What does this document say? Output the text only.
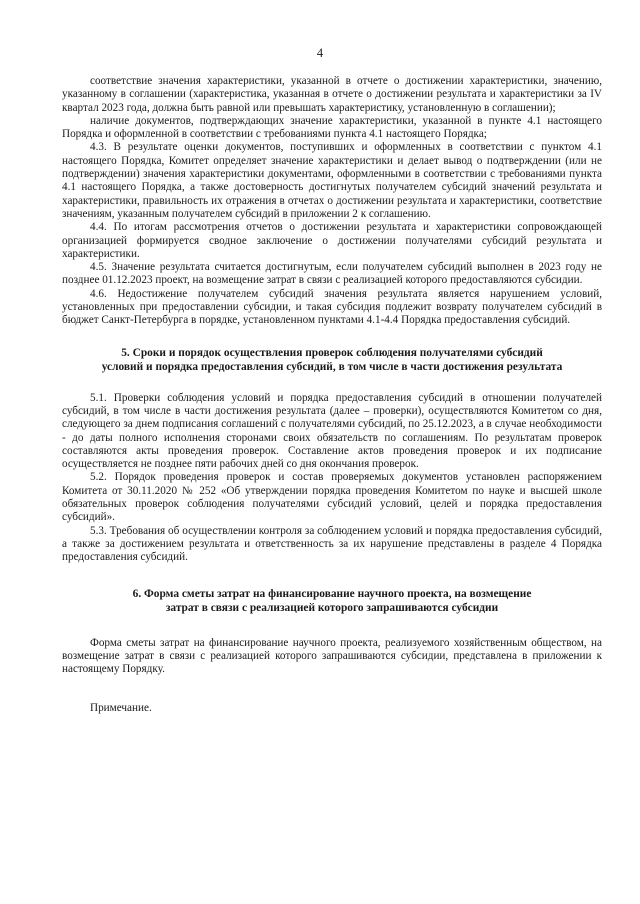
4

соответствие значения характеристики, указанной в отчете о достижении характеристики, значению, указанному в соглашении (характеристика, указанная в отчете о достижении результата и характеристики за IV квартал 2023 года, должна быть равной или превышать характеристику, установленную в соглашении);

наличие документов, подтверждающих значение характеристики, указанной в пункте 4.1 настоящего Порядка и оформленной в соответствии с требованиями пункта 4.1 настоящего Порядка;

4.3. В результате оценки документов, поступивших и оформленных в соответствии с пунктом 4.1 настоящего Порядка, Комитет определяет значение характеристики и делает вывод о подтверждении (или не подтверждении) значения характеристики документами, оформленными в соответствии с требованиями пункта 4.1 настоящего Порядка, а также достоверность достигнутых получателем субсидий значений результата и характеристики, правильность их отражения в отчетах о достижении результата и характеристики, соответствие значениям, указанным получателем субсидий в приложении 2 к соглашению.

4.4. По итогам рассмотрения отчетов о достижении результата и характеристики сопровождающей организацией формируется сводное заключение о достижении получателями субсидий результата и характеристики.

4.5. Значение результата считается достигнутым, если получателем субсидий выполнен в 2023 году не позднее 01.12.2023 проект, на возмещение затрат в связи с реализацией которого предоставляются субсидии.

4.6. Недостижение получателем субсидий значения результата является нарушением условий, установленных при предоставлении субсидии, и такая субсидия подлежит возврату получателем субсидий в бюджет Санкт-Петербурга в порядке, установленном пунктами 4.1-4.4 Порядка предоставления субсидий.

5. Сроки и порядок осуществления проверок соблюдения получателями субсидий
условий и порядка предоставления субсидий, в том числе в части достижения результата

5.1. Проверки соблюдения условий и порядка предоставления субсидий в отношении получателей субсидий, в том числе в части достижения результата (далее – проверки), осуществляются Комитетом со дня, следующего за днем подписания соглашений с получателями субсидий, по 25.12.2023, а в случае необходимости - до даты полного исполнения сторонами своих обязательств по соглашениям. По результатам проверок составляются акты проведения проверок. Составление актов проведения проверок и их подписание осуществляется не позднее пяти рабочих дней со дня окончания проверок.

5.2. Порядок проведения проверок и состав проверяемых документов установлен распоряжением Комитета от 30.11.2020 № 252 «Об утверждении порядка проведения Комитетом по науке и высшей школе обязательных проверок соблюдения получателями субсидий условий, целей и порядка предоставления субсидий».

5.3. Требования об осуществлении контроля за соблюдением условий и порядка предоставления субсидий, а также за достижением результата и ответственность за их нарушение представлены в разделе 4 Порядка предоставления субсидий.

6. Форма сметы затрат на финансирование научного проекта, на возмещение
затрат в связи с реализацией которого запрашиваются субсидии

Форма сметы затрат на финансирование научного проекта, реализуемого хозяйственным обществом, на возмещение затрат в связи с реализацией которого запрашиваются субсидии, представлена в приложении к настоящему Порядку.

Примечание.
